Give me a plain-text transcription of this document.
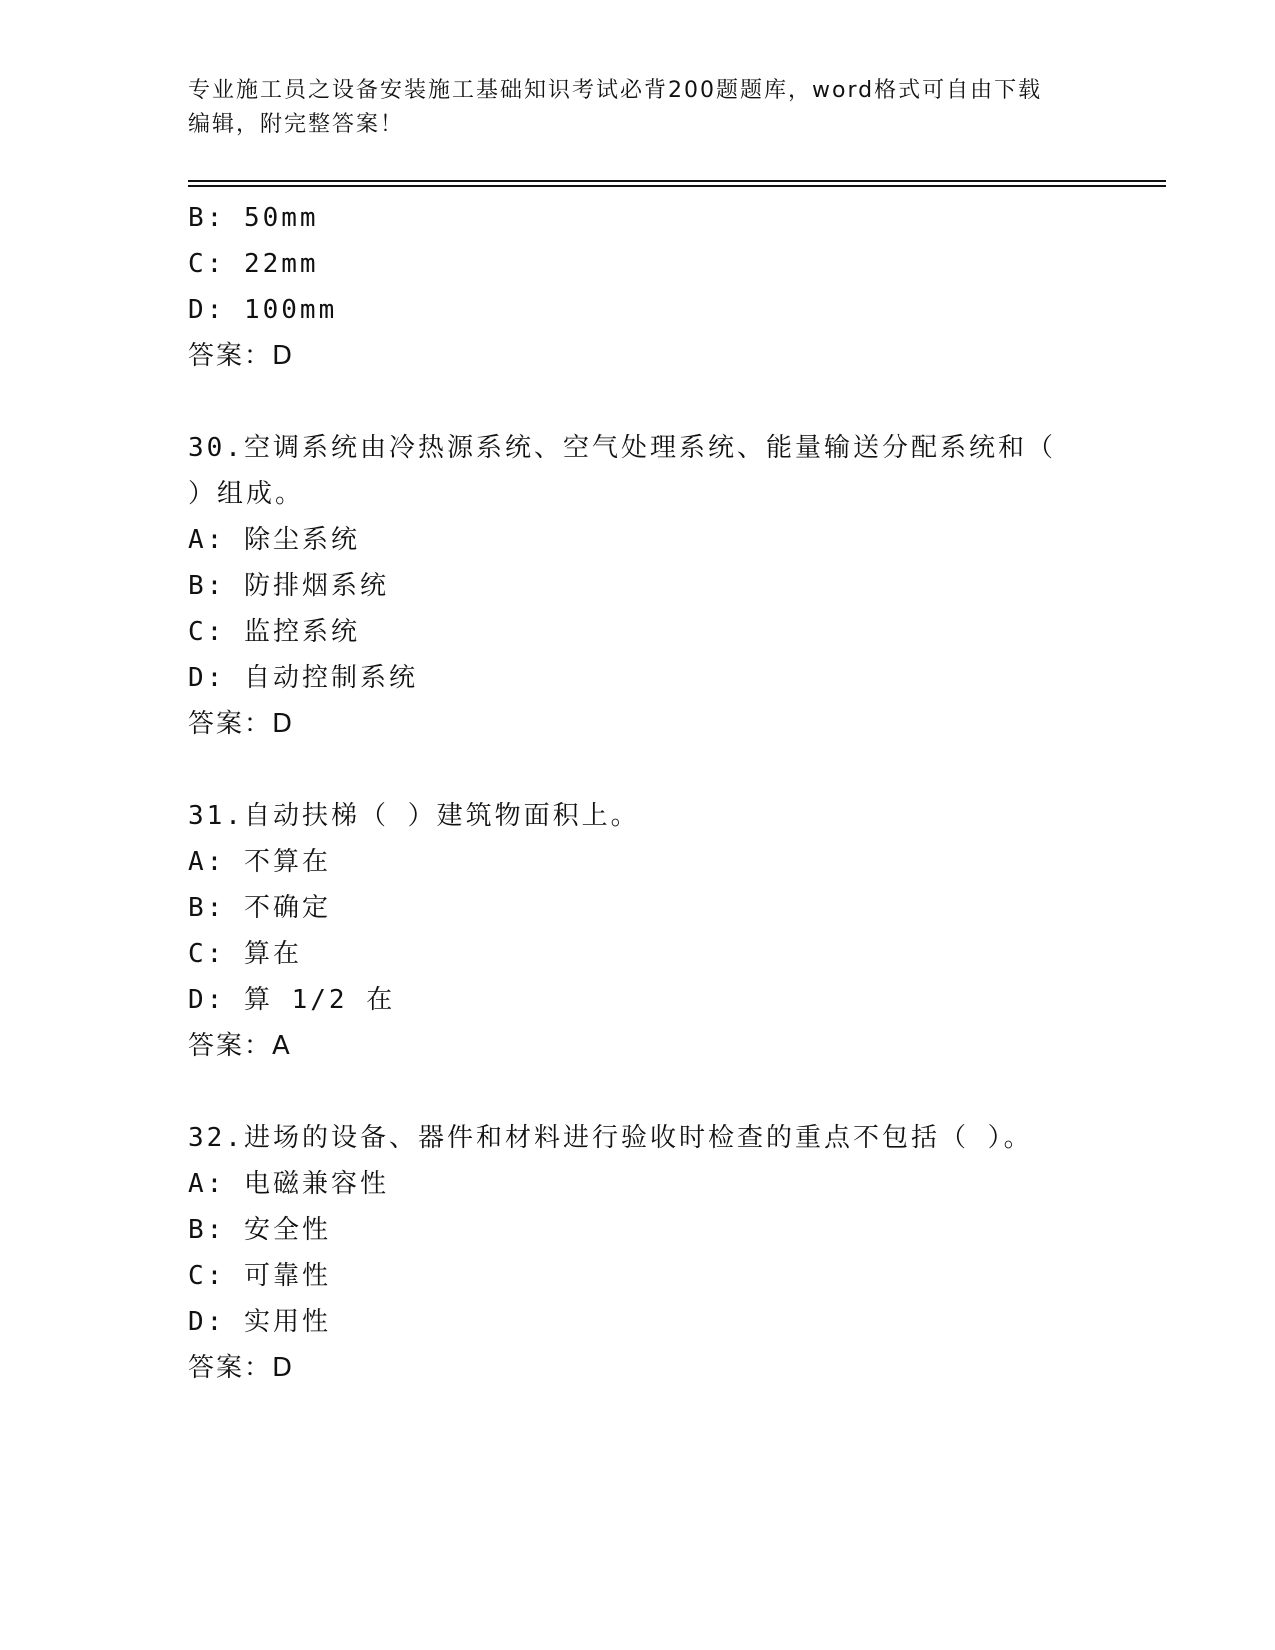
专业施工员之设备安装施工基础知识考试必背200题题库，word格式可自由下载
编辑，附完整答案！
B: 50mm
C: 22mm
D: 100mm
答案：D
30.空调系统由冷热源系统、空气处理系统、能量输送分配系统和（
）组成。
A: 除尘系统
B: 防排烟系统
C: 监控系统
D: 自动控制系统
答案：D
31.自动扶梯（ ）建筑物面积上。
A: 不算在
B: 不确定
C: 算在
D: 算 1/2 在
答案：A
32.进场的设备、器件和材料进行验收时检查的重点不包括（ ）。
A: 电磁兼容性
B: 安全性
C: 可靠性
D: 实用性
答案：D
